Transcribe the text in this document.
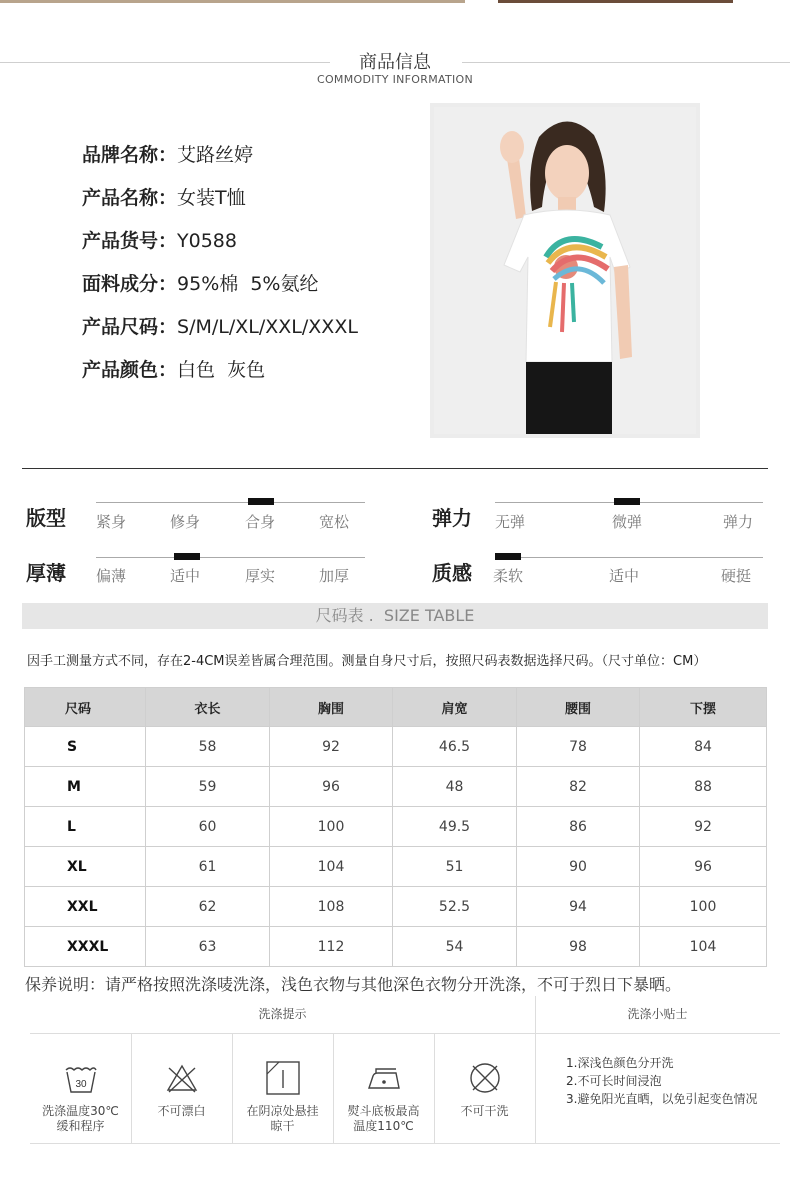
商品信息
COMMODITY INFORMATION
品牌名称：艾路丝婷
产品名称：女装T恤
产品货号：Y0588
面料成分：95%棉  5%氨纶
产品尺码：S/M/L/XL/XXL/XXXL
产品颜色：白色  灰色
版型 紧身	修身	合身	宽松	弹力 无弹	微弹	弹力
厚薄 偏薄	适中	厚实	加厚	质感 柔软	适中	硬挺
尺码表 .  SIZE TABLE
因手工测量方式不同，存在2-4CM误差皆属合理范围。测量自身尺寸后，按照尺码表数据选择尺码。（尺寸单位：CM）
尺码	衣长	胸围	肩宽	腰围	下摆
S	58	92	46.5	78	84
M	59	96	48	82	88
L	60	100	49.5	86	92
XL	61	104	51	90	96
XXL	62	108	52.5	94	100
XXXL	63	112	54	98	104
保养说明：请严格按照洗涤唛洗涤，浅色衣物与其他深色衣物分开洗涤，不可于烈日下暴晒。
洗涤提示	洗涤小贴士
30
洗涤温度30℃
缓和程序
不可漂白	在阴凉处悬挂
晾干
熨斗底板最高
温度110℃
不可干洗
1.深浅色颜色分开洗
2.不可长时间浸泡
3.避免阳光直晒，以免引起变色情况
